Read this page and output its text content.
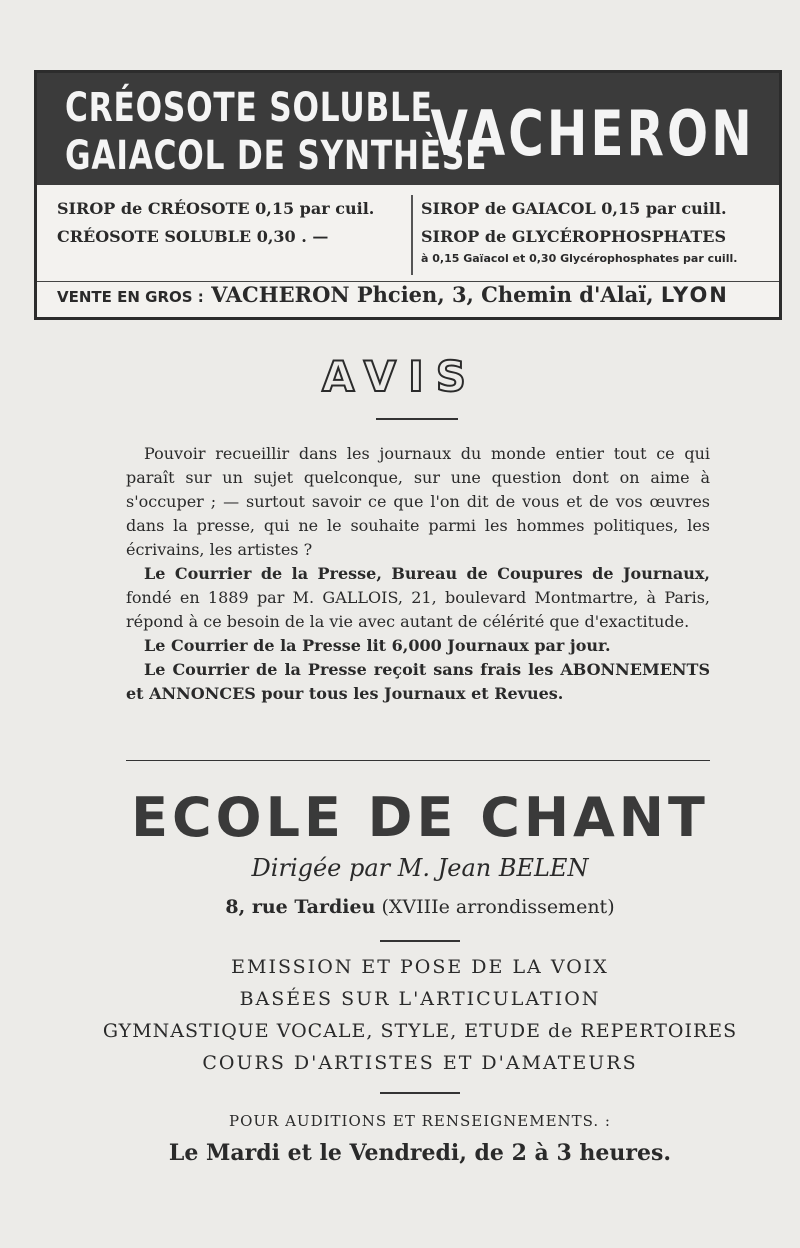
CRÉOSOTE SOLUBLE
GAIACOL DE SYNTHÈSE
VACHERON
SIROP de CRÉOSOTE 0,15 par cuil.
CRÉOSOTE SOLUBLE 0,30 . —
SIROP de GAIACOL 0,15 par cuill.
SIROP de GLYCÉROPHOSPHATES
à 0,15 Gaïacol et 0,30 Glycérophosphates par cuill.
VENTE EN GROS : VACHERON Phcien, 3, Chemin d'Alaï, LYON
AVIS

Pouvoir recueillir dans les journaux du monde entier tout ce qui paraît sur un sujet quelconque, sur une question dont on aime à s'occuper ; — surtout savoir ce que l'on dit de vous et de vos œuvres dans la presse, qui ne le souhaite parmi les hommes politiques, les écrivains, les artistes ?

Le Courrier de la Presse, Bureau de Coupures de Journaux, fondé en 1889 par M. GALLOIS, 21, boulevard Montmartre, à Paris, répond à ce besoin de la vie avec autant de célérité que d'exactitude.

Le Courrier de la Presse lit 6,000 Journaux par jour.

Le Courrier de la Presse reçoit sans frais les ABONNEMENTS et ANNONCES pour tous les Journaux et Revues.

ECOLE DE CHANT
Dirigée par M. Jean BELEN
8, rue Tardieu (XVIIIe arrondissement)
EMISSION ET POSE DE LA VOIX
BASÉES SUR L'ARTICULATION
GYMNASTIQUE VOCALE, STYLE, ETUDE de REPERTOIRES
COURS D'ARTISTES ET D'AMATEURS
POUR AUDITIONS ET RENSEIGNEMENTS. :
Le Mardi et le Vendredi, de 2 à 3 heures.
